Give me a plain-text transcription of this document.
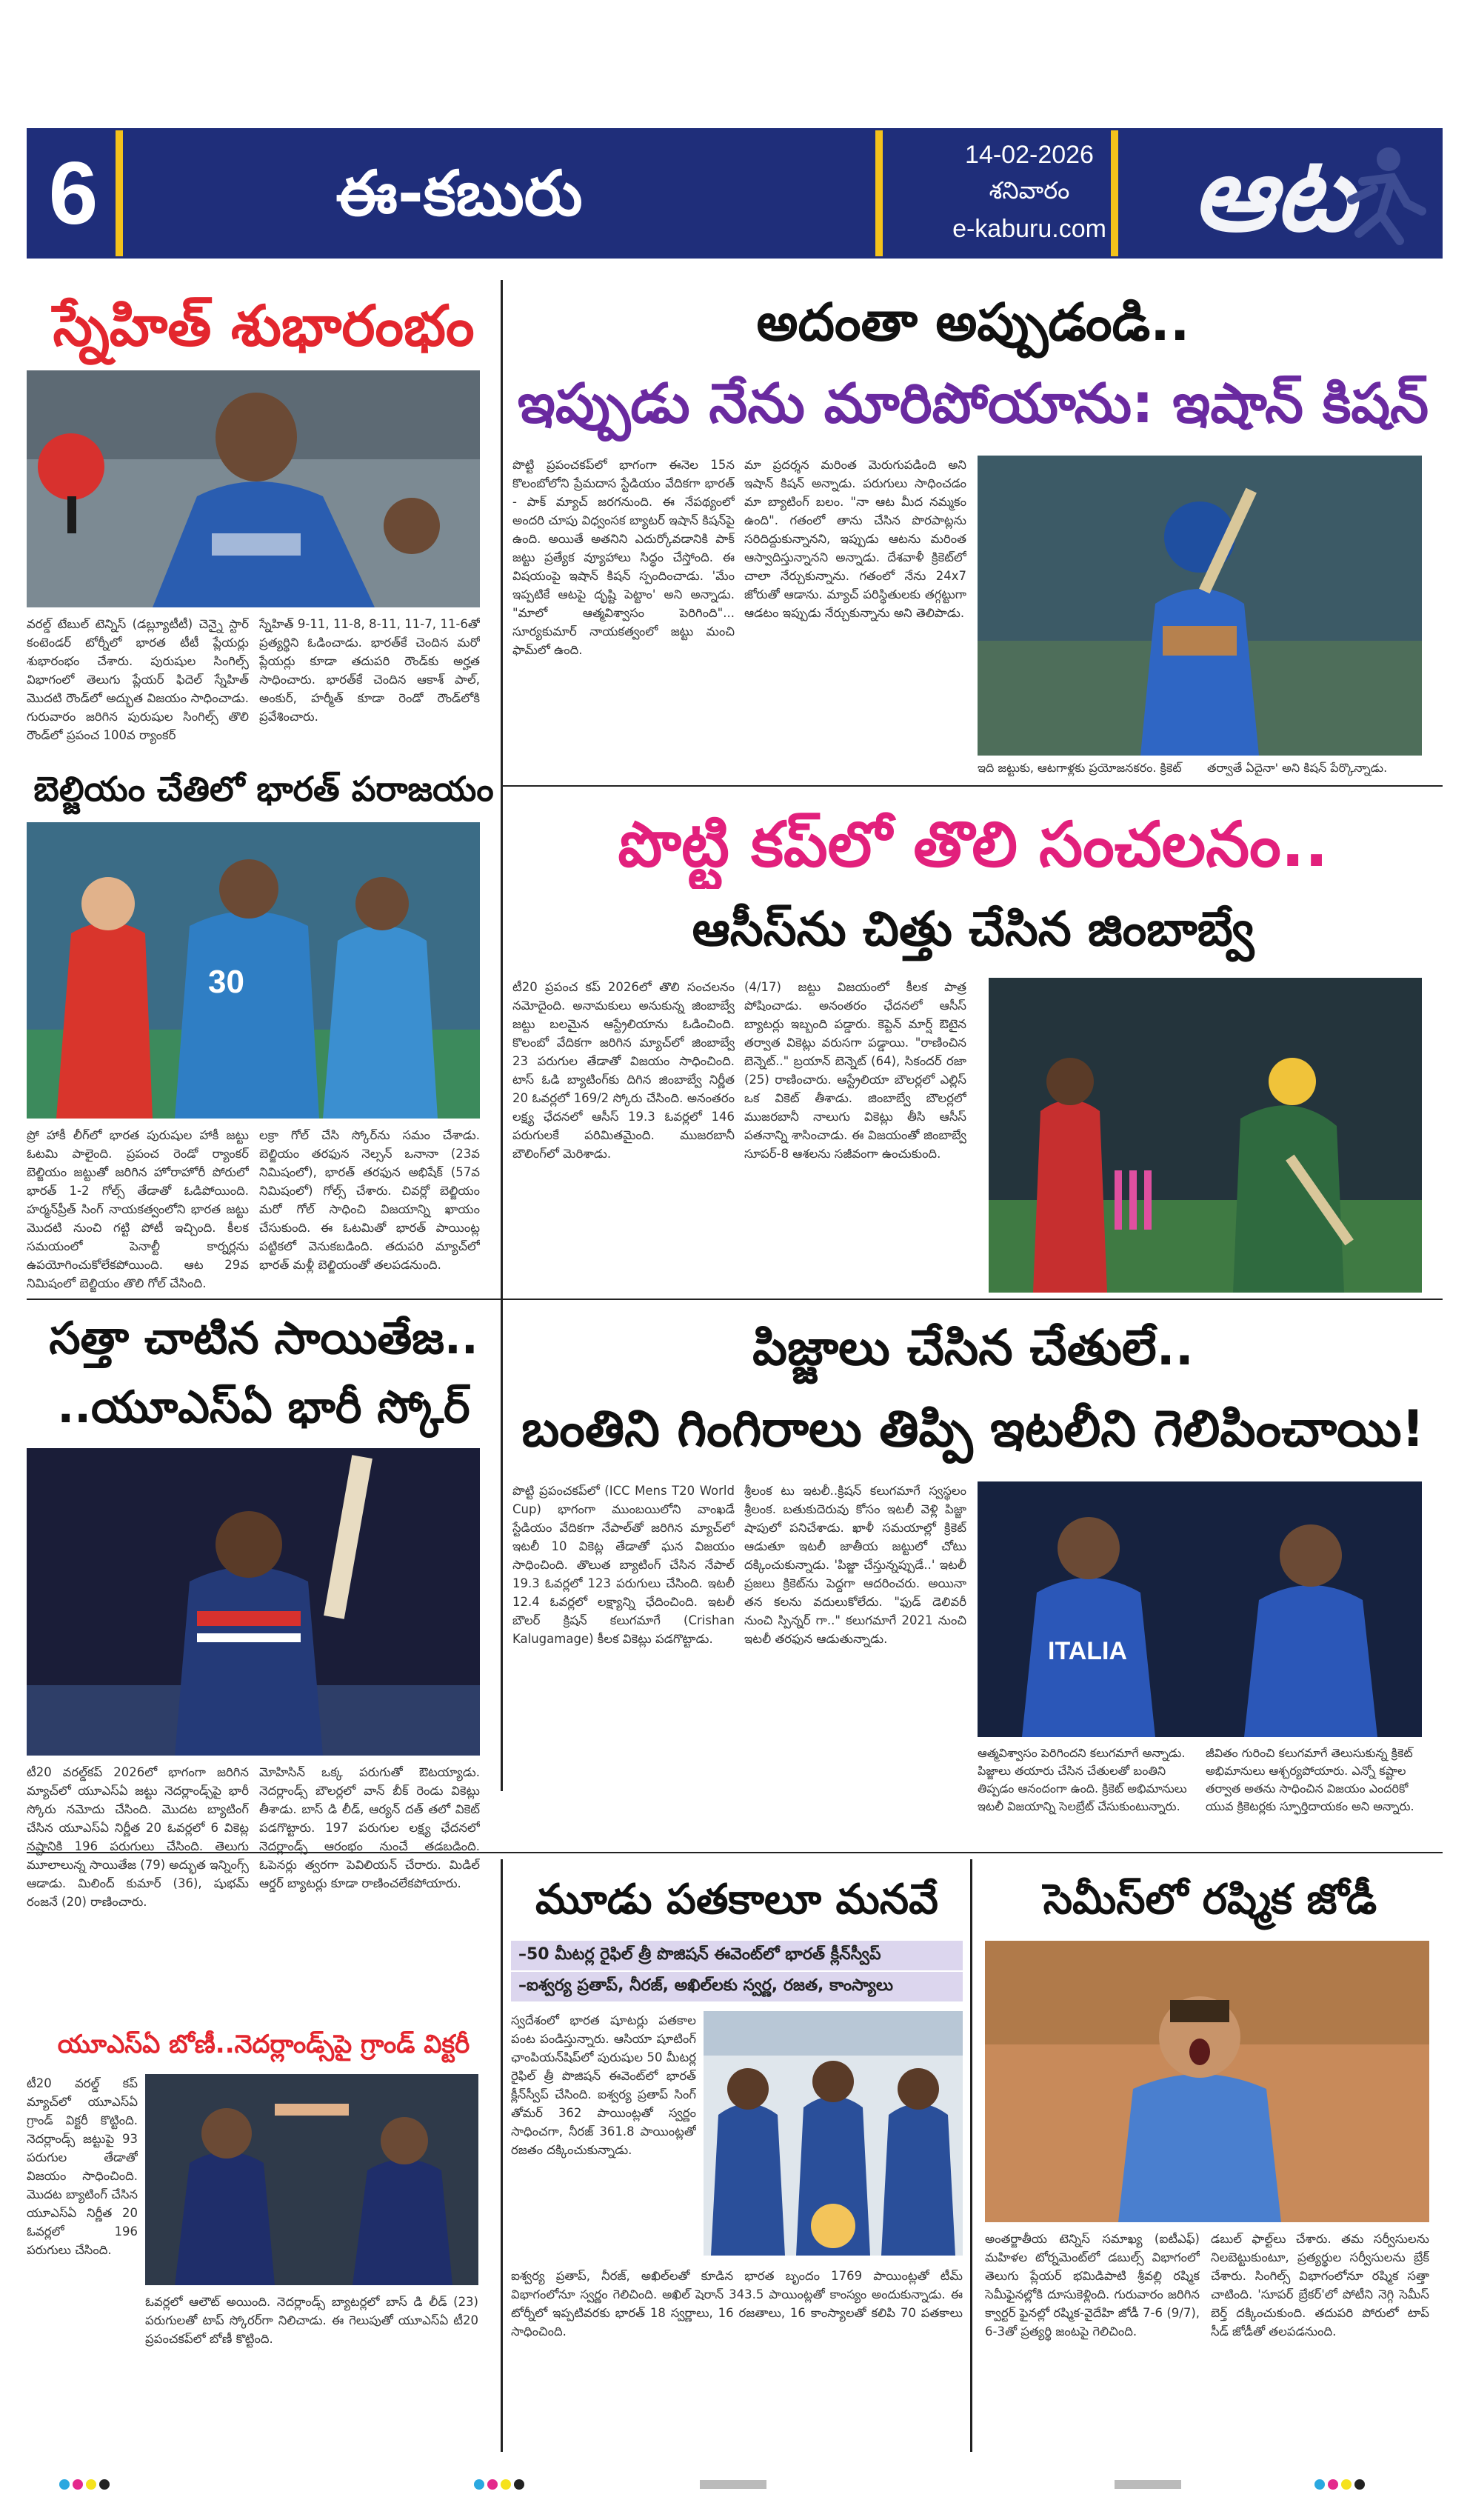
6	ఈ-కబురు
14-02-2026
శనివారం
e-kaburu.com ఆట
స్నేహిత్ శుభారంభం
వరల్డ్ టేబుల్ టెన్నిస్ (డబ్ల్యూటీటీ) చెన్నై స్టార్ కంటెండర్ టోర్నీలో భారత టీటీ ప్లేయర్లు శుభారంభం చేశారు. పురుషుల సింగిల్స్ విభాగంలో తెలుగు ప్లేయర్ ఫిదెల్ స్నేహిత్ మొదటి రౌండ్‌లో అద్భుత విజయం సాధించాడు. గురువారం జరిగిన పురుషుల సింగిల్స్ తొలి రౌండ్‌లో ప్రపంచ 100వ ర్యాంకర్
స్నేహిత్ 9-11, 11-8, 8-11, 11-7, 11-6తో ప్రత్యర్థిని ఓడించాడు. భారత్‌కే చెందిన మరో ప్లేయర్లు కూడా తదుపరి రౌండ్‌కు అర్హత సాధించారు. భారత్‌కే చెందిన ఆకాశ్ పాల్, అంకుర్, హర్మీత్ కూడా రెండో రౌండ్‌లోకి ప్రవేశించారు.
అదంతా అప్పుడండి..
ఇప్పుడు నేను మారిపోయాను: ఇషాన్ కిషన్
పొట్టి ప్రపంచకప్‌లో భాగంగా ఈనెల 15న కొలంబోలోని ప్రేమదాస స్టేడియం వేదికగా భారత్ - పాక్ మ్యాచ్ జరగనుంది. ఈ నేపథ్యంలో అందరి చూపు విధ్వంసక బ్యాటర్ ఇషాన్ కిషన్‌పై ఉంది. అయితే అతనిని ఎదుర్కోవడానికి పాక్ జట్టు ప్రత్యేక వ్యూహాలు సిద్ధం చేస్తోంది. ఈ విషయంపై ఇషాన్ కిషన్ స్పందించాడు. 'మేం ఇప్పటికే ఆటపై దృష్టి పెట్టాం' అని అన్నాడు. "మాలో ఆత్మవిశ్వాసం పెరిగింది"... సూర్యకుమార్ నాయకత్వంలో జట్టు మంచి ఫామ్‌లో ఉంది.
మా ప్రదర్శన మరింత మెరుగుపడింది అని ఇషాన్ కిషన్ అన్నాడు. పరుగులు సాధించడం మా బ్యాటింగ్ బలం. "నా ఆట మీద నమ్మకం ఉంది". గతంలో తాను చేసిన పొరపాట్లను సరిదిద్దుకున్నానని, ఇప్పుడు ఆటను మరింత ఆస్వాదిస్తున్నానని అన్నాడు. దేశవాళీ క్రికెట్‌లో చాలా నేర్చుకున్నాను. గతంలో నేను 24x7 జోరుతో ఆడాను. మ్యాచ్ పరిస్థితులకు తగ్గట్టుగా ఆడటం ఇప్పుడు నేర్చుకున్నాను అని తెలిపాడు.
ఇది జట్టుకు, ఆటగాళ్లకు ప్రయోజనకరం. క్రికెట్	తర్వాతే ఏదైనా' అని కిషన్ పేర్కొన్నాడు.
బెల్జియం చేతిలో భారత్ పరాజయం
30
ప్రో హాకీ లీగ్‌లో భారత పురుషుల హాకీ జట్టు ఓటమి పాలైంది. ప్రపంచ రెండో ర్యాంకర్ బెల్జియం జట్టుతో జరిగిన హోరాహోరీ పోరులో భారత్ 1-2 గోల్స్ తేడాతో ఓడిపోయింది. హర్మన్‌ప్రీత్ సింగ్ నాయకత్వంలోని భారత జట్టు మొదటి నుంచి గట్టి పోటీ ఇచ్చింది. కీలక సమయంలో పెనాల్టీ కార్నర్లను ఉపయోగించుకోలేకపోయింది. ఆట 29వ నిమిషంలో బెల్జియం తొలి గోల్ చేసింది.
లక్రా గోల్ చేసి స్కోర్‌ను సమం చేశాడు. బెల్జియం తరఫున నెల్సన్ ఒనానా (23వ నిమిషంలో), భారత్ తరఫున అభిషేక్ (57వ నిమిషంలో) గోల్స్ చేశారు. చివర్లో బెల్జియం మరో గోల్ సాధించి విజయాన్ని ఖాయం చేసుకుంది. ఈ ఓటమితో భారత్ పాయింట్ల పట్టికలో వెనుకబడింది. తదుపరి మ్యాచ్‌లో భారత్ మళ్లీ బెల్జియంతో తలపడనుంది.
పొట్టి కప్‌లో తొలి సంచలనం..
ఆసీస్‌ను చిత్తు చేసిన జింబాబ్వే
టీ20 ప్రపంచ కప్ 2026లో తొలి సంచలనం నమోదైంది. అనామకులు అనుకున్న జింబాబ్వే జట్టు బలమైన ఆస్ట్రేలియాను ఓడించింది. కొలంబో వేదికగా జరిగిన మ్యాచ్‌లో జింబాబ్వే 23 పరుగుల తేడాతో విజయం సాధించింది. టాస్ ఓడి బ్యాటింగ్‌కు దిగిన జింబాబ్వే నిర్ణీత 20 ఓవర్లలో 169/2 స్కోరు చేసింది. అనంతరం లక్ష్య ఛేదనలో ఆసీస్ 19.3 ఓవర్లలో 146 పరుగులకే పరిమితమైంది. ముజరబానీ బౌలింగ్‌లో మెరిశాడు.
(4/17) జట్టు విజయంలో కీలక పాత్ర పోషించాడు. అనంతరం ఛేదనలో ఆసీస్ బ్యాటర్లు ఇబ్బంది పడ్డారు. కెప్టెన్ మార్ష్ ఔటైన తర్వాత వికెట్లు వరుసగా పడ్డాయి. "రాణించిన బెన్నెట్.." బ్రయాన్ బెన్నెట్ (64), సికందర్ రజా (25) రాణించారు. ఆస్ట్రేలియా బౌలర్లలో ఎల్లిస్ ఒక వికెట్ తీశాడు. జింబాబ్వే బౌలర్లలో ముజరబానీ నాలుగు వికెట్లు తీసి ఆసీస్ పతనాన్ని శాసించాడు. ఈ విజయంతో జింబాబ్వే సూపర్-8 ఆశలను సజీవంగా ఉంచుకుంది.
సత్తా చాటిన సాయితేజ..
..యూఎస్ఏ భారీ స్కోర్
టీ20 వరల్డ్‌కప్ 2026లో భాగంగా జరిగిన మ్యాచ్‌లో యూఎస్ఏ జట్టు నెదర్లాండ్స్‌పై భారీ స్కోరు నమోదు చేసింది. మొదట బ్యాటింగ్ చేసిన యూఎస్ఏ నిర్ణీత 20 ఓవర్లలో 6 వికెట్ల నష్టానికి 196 పరుగులు చేసింది. తెలుగు మూలాలున్న సాయితేజ (79) అద్భుత ఇన్నింగ్స్ ఆడాడు. మిలింద్ కుమార్ (36), షుభమ్ రంజనే (20) రాణించారు.
మోహిసిన్ ఒక్క పరుగుతో ఔటయ్యాడు. నెదర్లాండ్స్ బౌలర్లలో వాన్ బీక్ రెండు వికెట్లు తీశాడు. బాస్ డి లీడ్, ఆర్యన్ దత్ తలో వికెట్ పడగొట్టారు. 197 పరుగుల లక్ష్య ఛేదనలో నెదర్లాండ్స్ ఆరంభం నుంచే తడబడింది. ఓపెనర్లు త్వరగా పెవిలియన్ చేరారు. మిడిల్ ఆర్డర్ బ్యాటర్లు కూడా రాణించలేకపోయారు.
పిజ్జాలు చేసిన చేతులే..
బంతిని గింగిరాలు తిప్పి ఇటలీని గెలిపించాయి!
పొట్టి ప్రపంచకప్‌లో (ICC Mens T20 World Cup) భాగంగా ముంబయిలోని వాంఖడే స్టేడియం వేదికగా నేపాల్‌తో జరిగిన మ్యాచ్‌లో ఇటలీ 10 వికెట్ల తేడాతో ఘన విజయం సాధించింది. తొలుత బ్యాటింగ్ చేసిన నేపాల్ 19.3 ఓవర్లలో 123 పరుగులు చేసింది. ఇటలీ 12.4 ఓవర్లలో లక్ష్యాన్ని ఛేదించింది. ఇటలీ బౌలర్ క్రిషన్ కలుగమాగే (Crishan Kalugamage) కీలక వికెట్లు పడగొట్టాడు.
శ్రీలంక టు ఇటలీ..క్రిషన్ కలుగమాగే స్వస్థలం శ్రీలంక. బతుకుదెరువు కోసం ఇటలీ వెళ్లి పిజ్జా షాపులో పనిచేశాడు. ఖాళీ సమయాల్లో క్రికెట్ ఆడుతూ ఇటలీ జాతీయ జట్టులో చోటు దక్కించుకున్నాడు. 'పిజ్జా చేస్తున్నప్పుడే..' ఇటలీ ప్రజలు క్రికెట్‌ను పెద్దగా ఆదరించరు. అయినా తన కలను వదులుకోలేదు. "ఫుడ్ డెలివరీ నుంచి స్పిన్నర్ గా.." కలుగమాగే 2021 నుంచి ఇటలీ తరఫున ఆడుతున్నాడు.	ITALIA
ఆత్మవిశ్వాసం పెరిగిందని కలుగమాగే అన్నాడు. పిజ్జాలు తయారు చేసిన చేతులతో బంతిని తిప్పడం ఆనందంగా ఉంది. క్రికెట్ అభిమానులు ఇటలీ విజయాన్ని సెలబ్రేట్ చేసుకుంటున్నారు.
జీవితం గురించి కలుగమాగే తెలుసుకున్న క్రికెట్ అభిమానులు ఆశ్చర్యపోయారు. ఎన్నో కష్టాల తర్వాత అతను సాధించిన విజయం ఎందరికో యువ క్రికెటర్లకు స్ఫూర్తిదాయకం అని అన్నారు.
యూఎస్ఏ బోణీ..నెదర్లాండ్స్‌పై గ్రాండ్ విక్టరీ
టీ20 వరల్డ్ కప్ మ్యాచ్‌లో యూఎస్ఏ గ్రాండ్ విక్టరీ కొట్టింది. నెదర్లాండ్స్ జట్టుపై 93 పరుగుల తేడాతో విజయం సాధించింది. మొదట బ్యాటింగ్ చేసిన యూఎస్ఏ నిర్ణీత 20 ఓవర్లలో 196 పరుగులు చేసింది.
ఓవర్లలో ఆలౌట్ అయింది. నెదర్లాండ్స్ బ్యాటర్లలో బాస్ డి లీడ్ (23) పరుగులతో టాప్ స్కోరర్‌గా నిలిచాడు. ఈ గెలుపుతో యూఎస్ఏ టీ20 ప్రపంచకప్‌లో బోణీ కొట్టింది.
మూడు పతకాలూ మనవే
–50 మీటర్ల రైఫిల్ త్రీ పొజిషన్ ఈవెంట్‌లో భారత్ క్లీన్‌స్వీప్
–ఐశ్వర్య ప్రతాప్, నీరజ్, అఖిల్‌లకు స్వర్ణ, రజత, కాంస్యాలు
స్వదేశంలో భారత షూటర్లు పతకాల పంట పండిస్తున్నారు. ఆసియా షూటింగ్ ఛాంపియన్‌షిప్‌లో పురుషుల 50 మీటర్ల రైఫిల్ త్రీ పొజిషన్ ఈవెంట్‌లో భారత్ క్లీన్‌స్వీప్ చేసింది. ఐశ్వర్య ప్రతాప్ సింగ్ తోమర్ 362 పాయింట్లతో స్వర్ణం సాధించగా, నీరజ్ 361.8 పాయింట్లతో రజతం దక్కించుకున్నాడు.
ఐశ్వర్య ప్రతాప్, నీరజ్, అఖిల్‌లతో కూడిన భారత బృందం 1769 పాయింట్లతో టీమ్ విభాగంలోనూ స్వర్ణం గెలిచింది. అఖిల్ షెరాన్ 343.5 పాయింట్లతో కాంస్యం అందుకున్నాడు. ఈ టోర్నీలో ఇప్పటివరకు భారత్ 18 స్వర్ణాలు, 16 రజతాలు, 16 కాంస్యాలతో కలిపి 70 పతకాలు సాధించింది.
సెమీస్‌లో రష్మిక జోడీ
అంతర్జాతీయ టెన్నిస్ సమాఖ్య (ఐటీఎఫ్) మహిళల టోర్నమెంట్‌లో డబుల్స్ విభాగంలో తెలుగు ప్లేయర్ భమిడిపాటి శ్రీవల్లి రష్మిక సెమీఫైనల్లోకి దూసుకెళ్లింది. గురువారం జరిగిన క్వార్టర్ ఫైనల్లో రష్మిక-వైదేహి జోడీ 7-6 (9/7), 6-3తో ప్రత్యర్థి జంటపై గెలిచింది.
డబుల్ ఫాల్ట్‌లు చేశారు. తమ సర్వీసులను నిలబెట్టుకుంటూ, ప్రత్యర్థుల సర్వీసులను బ్రేక్ చేశారు. సింగిల్స్ విభాగంలోనూ రష్మిక సత్తా చాటింది. 'సూపర్ బ్రేకర్'లో పోటీని నెగ్గి సెమీస్ బెర్త్ దక్కించుకుంది. తదుపరి పోరులో టాప్ సీడ్ జోడీతో తలపడనుంది.
